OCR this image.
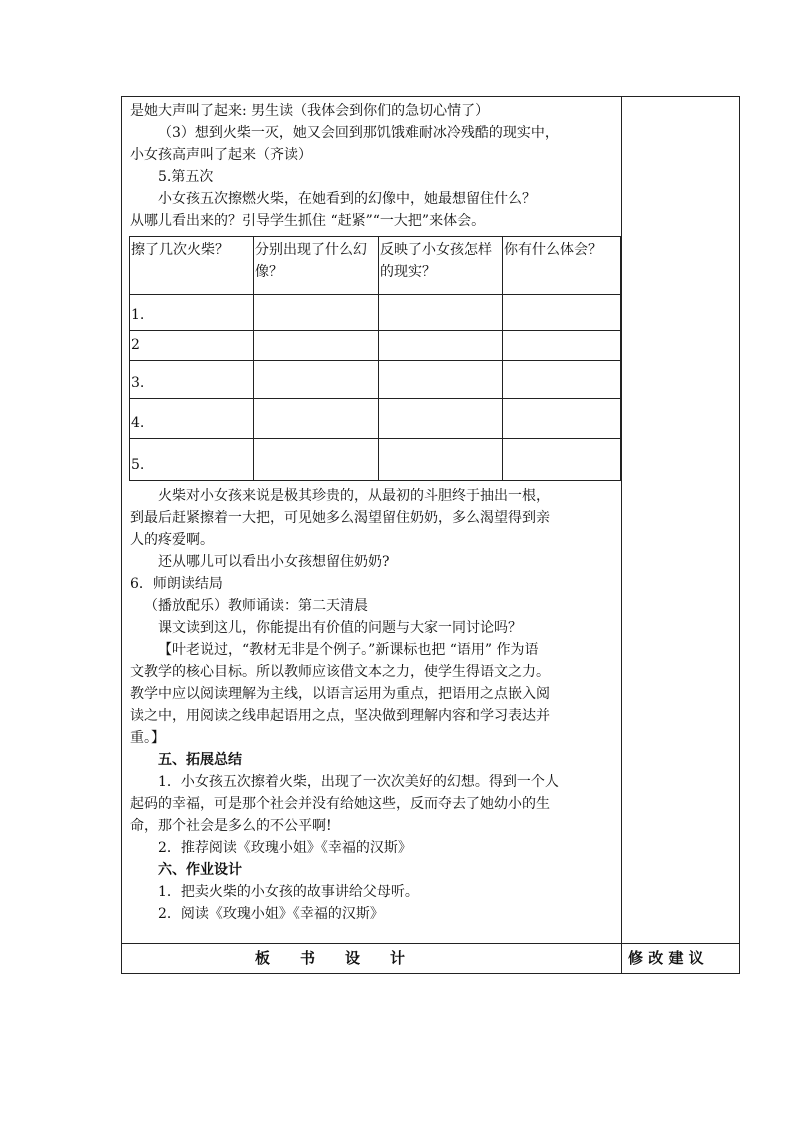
是她大声叫了起来: 男生读（我体会到你们的急切心情了）

（3）想到火柴一灭，她又会回到那饥饿难耐冰冷残酷的现实中，

小女孩高声叫了起来（齐读）

5.第五次

小女孩五次擦燃火柴，在她看到的幻像中，她最想留住什么？

从哪儿看出来的？引导学生抓住 “赶紧”“一大把”来体会。

擦了几次火柴？	分别出现了什么幻像？	反映了小女孩怎样的现实？	你有什么体会？
1.			
2			
3.			
4.			
5.			

火柴对小女孩来说是极其珍贵的，从最初的斗胆终于抽出一根，

到最后赶紧擦着一大把，可见她多么渴望留住奶奶，多么渴望得到亲

人的疼爱啊。

还从哪儿可以看出小女孩想留住奶奶?

6．师朗读结局

（播放配乐）教师诵读：第二天清晨

课文读到这儿，你能提出有价值的问题与大家一同讨论吗？

【叶老说过，“教材无非是个例子。”新课标也把 “语用” 作为语

文教学的核心目标。所以教师应该借文本之力，使学生得语文之力。

教学中应以阅读理解为主线，以语言运用为重点，把语用之点嵌入阅

读之中，用阅读之线串起语用之点，坚决做到理解内容和学习表达并

重。】

五、拓展总结

1．小女孩五次擦着火柴，出现了一次次美好的幻想。得到一个人

起码的幸福，可是那个社会并没有给她这些，反而夺去了她幼小的生

命，那个社会是多么的不公平啊!

2．推荐阅读《玫瑰小姐》《幸福的汉斯》

六、作业设计

1．把卖火柴的小女孩的故事讲给父母听。

2．阅读《玫瑰小姐》《幸福的汉斯》

板　　书　　设　　计	修 改 建 议
